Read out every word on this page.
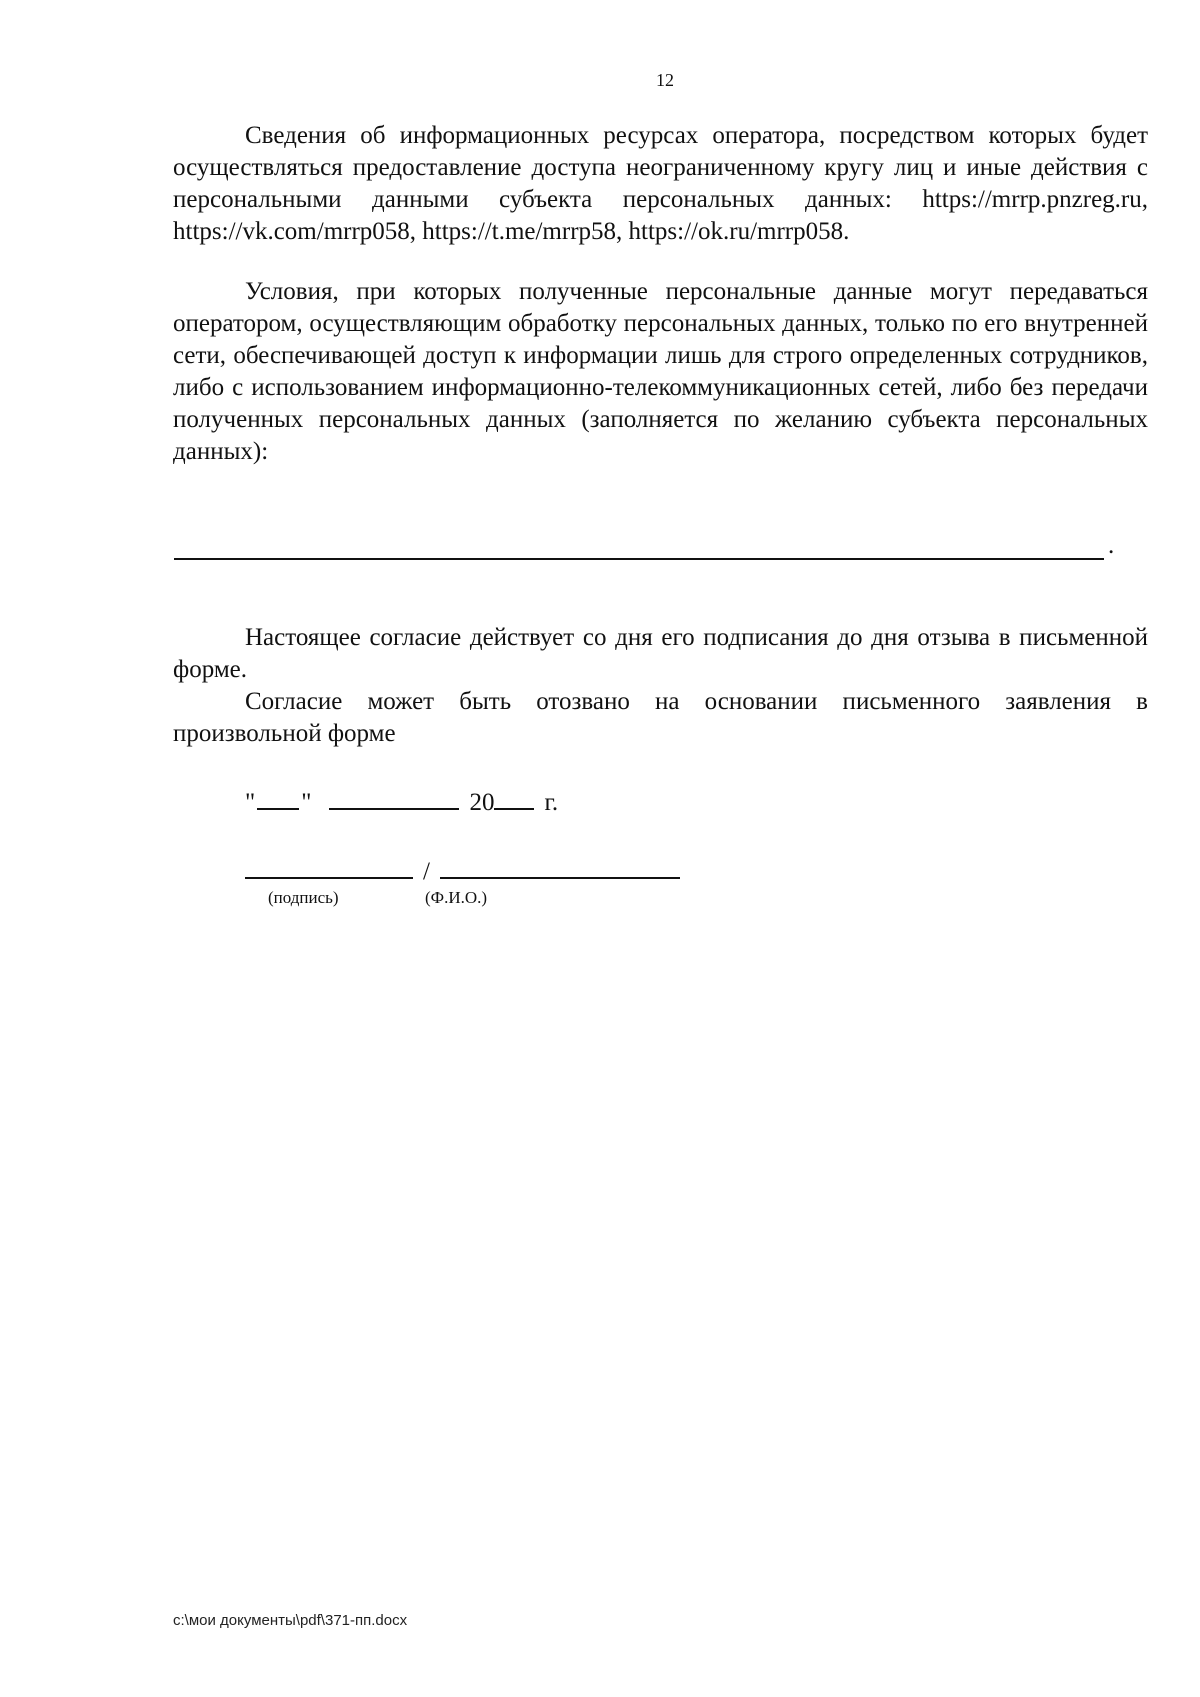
12

Сведения об информационных ресурсах оператора, посредством которых будет осуществляться предоставление доступа неограниченному кругу лиц и иные действия с персональными данными субъекта персональных данных: https://mrrp.pnzreg.ru, https://vk.com/mrrp058, https://t.me/mrrp58, https://ok.ru/mrrp058.

Условия, при которых полученные персональные данные могут передаваться оператором, осуществляющим обработку персональных данных, только по его внутренней сети, обеспечивающей доступ к информации лишь для строго определенных сотрудников, либо с использованием информационно-телекоммуникационных сетей, либо без передачи полученных персональных данных (заполняется по желанию субъекта персональных данных):

.

Настоящее согласие действует со дня его подписания до дня отзыва в письменной форме.

Согласие может быть отозвано на основании письменного заявления в произвольной форме

" "	20 г.
/
(подпись)	(Ф.И.О.)
c:\мои документы\pdf\371-пп.docx
